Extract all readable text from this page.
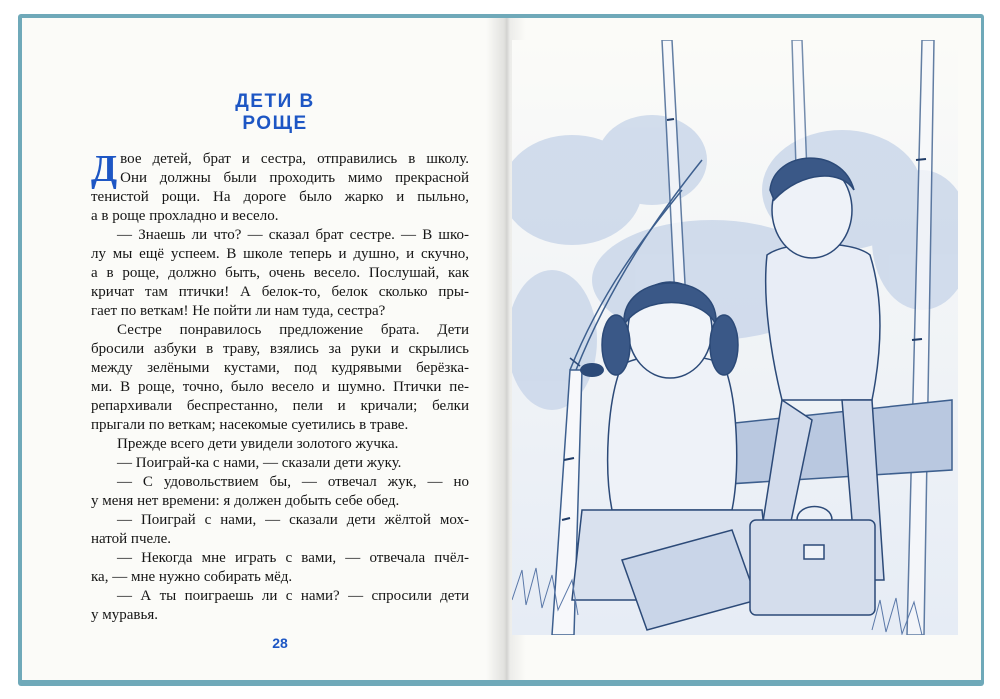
ДЕТИ В РОЩЕ

Двое детей, брат и сестра, отправились в школу.

Они должны были проходить мимо прекрасной

тенистой рощи. На дороге было жарко и пыльно,

а в роще прохладно и весело.

— Знаешь ли что? — сказал брат сестре. — В шко-

лу мы ещё успеем. В школе теперь и душно, и скучно,

а в роще, должно быть, очень весело. Послушай, как

кричат там птички! А белок-то, белок сколько пры-

гает по веткам! Не пойти ли нам туда, сестра?

Сестре понравилось предложение брата. Дети

бросили азбуки в траву, взялись за руки и скрылись

между зелёными кустами, под кудрявыми берёзка-

ми. В роще, точно, было весело и шумно. Птички пе-

репархивали беспрестанно, пели и кричали; белки

прыгали по веткам; насекомые суетились в траве.

Прежде всего дети увидели золотого жучка.

— Поиграй-ка с нами, — сказали дети жуку.

— С удовольствием бы, — отвечал жук, — но

у меня нет времени: я должен добыть себе обед.

— Поиграй с нами, — сказали дети жёлтой мох-

натой пчеле.

— Некогда мне играть с вами, — отвечала пчёл-

ка, — мне нужно собирать мёд.

— А ты поиграешь ли с нами? — спросили дети

у муравья.

28
